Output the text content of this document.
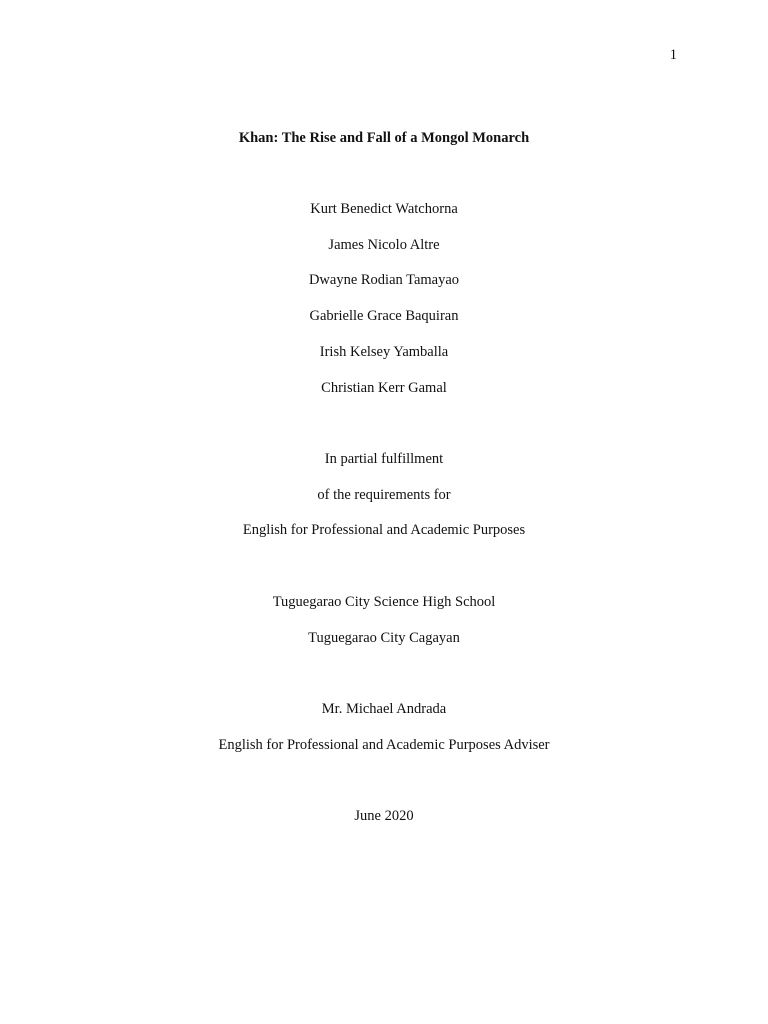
1
Khan: The Rise and Fall of a Mongol Monarch
Kurt Benedict Watchorna
James Nicolo Altre
Dwayne Rodian Tamayao
Gabrielle Grace Baquiran
Irish Kelsey Yamballa
Christian Kerr Gamal
In partial fulfillment
of the requirements for
English for Professional and Academic Purposes
Tuguegarao City Science High School
Tuguegarao City Cagayan
Mr. Michael Andrada
English for Professional and Academic Purposes Adviser
June 2020
